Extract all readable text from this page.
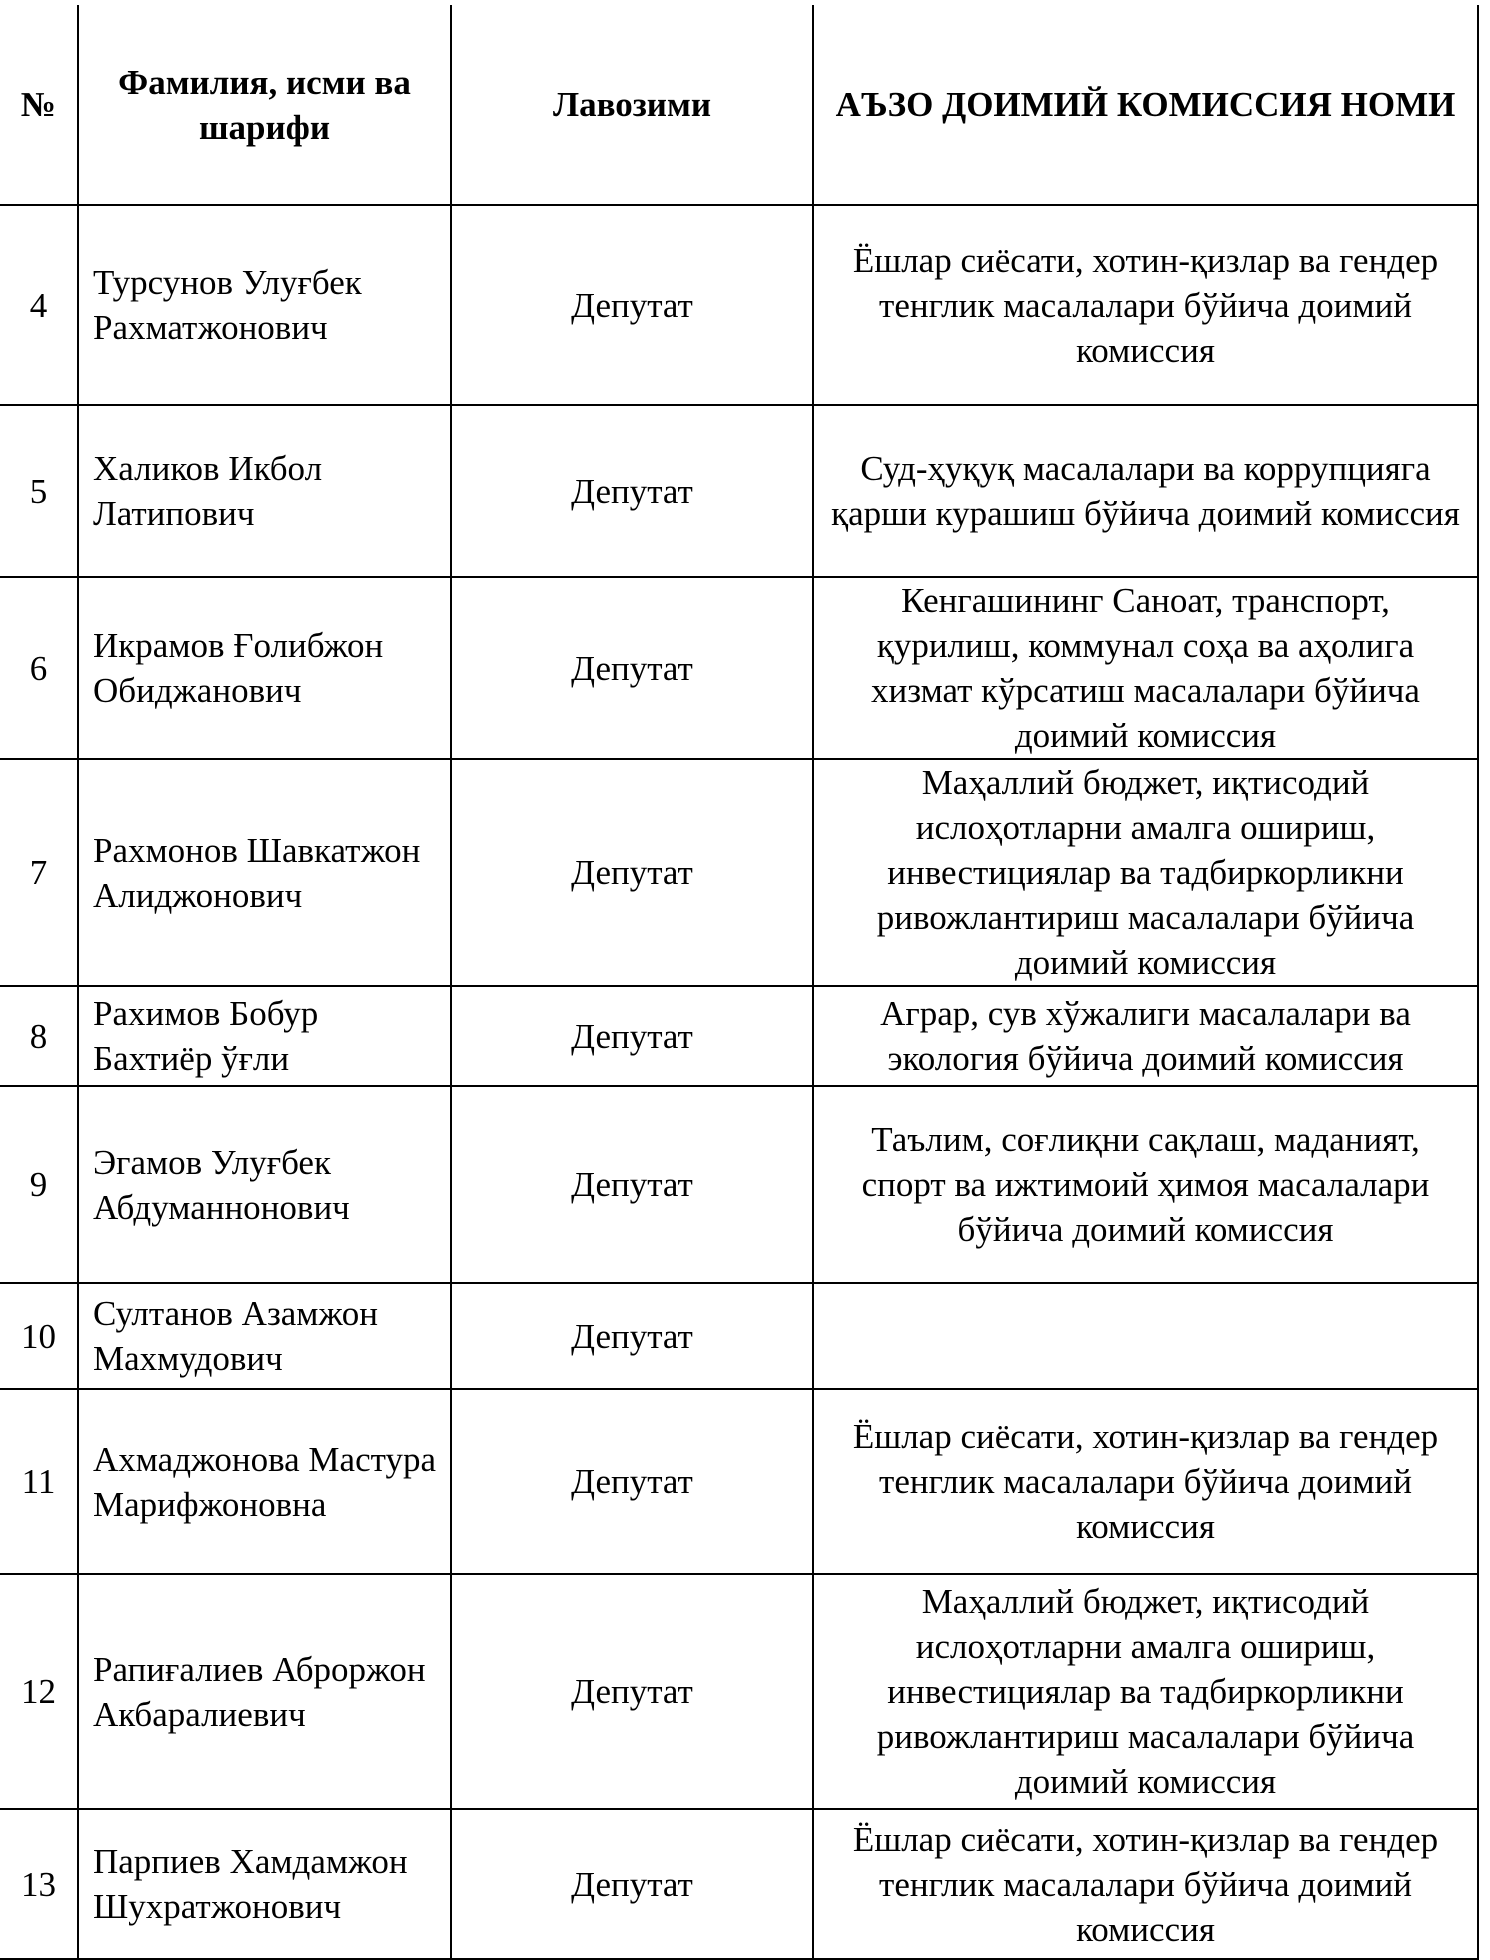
№	Фамилия, исми ва шарифи	Лавозими	АЪЗО ДОИМИЙ КОМИССИЯ НОМИ
4	Турсунов Улуғбек Рахматжонович	Депутат	Ёшлар сиёсати, хотин-қизлар ва гендер тенглик масалалари бўйича доимий комиссия
5	Халиков Икбол Латипович	Депутат	Суд-ҳуқуқ масалалари ва коррупцияга қарши курашиш бўйича доимий комиссия
6	Икрамов Ғолибжон Обиджанович	Депутат	Кенгашининг Саноат, транспорт, қурилиш, коммунал соҳа ва аҳолига хизмат кўрсатиш масалалари бўйича доимий комиссия
7	Рахмонов Шавкатжон Алиджонович	Депутат	Маҳаллий бюджет, иқтисодий ислоҳотларни амалга ошириш, инвестициялар ва тадбиркорликни ривожлантириш масалалари бўйича доимий комиссия
8	Рахимов Бобур Бахтиёр ўғли	Депутат	Аграр, сув хўжалиги масалалари ва экология бўйича доимий комиссия
9	Эгамов Улуғбек Абдуманнонович	Депутат	Таълим, соғлиқни сақлаш, маданият, спорт ва ижтимоий ҳимоя масалалари бўйича доимий комиссия
10	Султанов Азамжон Махмудович	Депутат	
11	Ахмаджонова Мастура Марифжоновна	Депутат	Ёшлар сиёсати, хотин-қизлар ва гендер тенглик масалалари бўйича доимий комиссия
12	Рапиғалиев Аброржон Акбаралиевич	Депутат	Маҳаллий бюджет, иқтисодий ислоҳотларни амалга ошириш, инвестициялар ва тадбиркорликни ривожлантириш масалалари бўйича доимий комиссия
13	Парпиев Хамдамжон Шухратжонович	Депутат	Ёшлар сиёсати, хотин-қизлар ва гендер тенглик масалалари бўйича доимий комиссия
